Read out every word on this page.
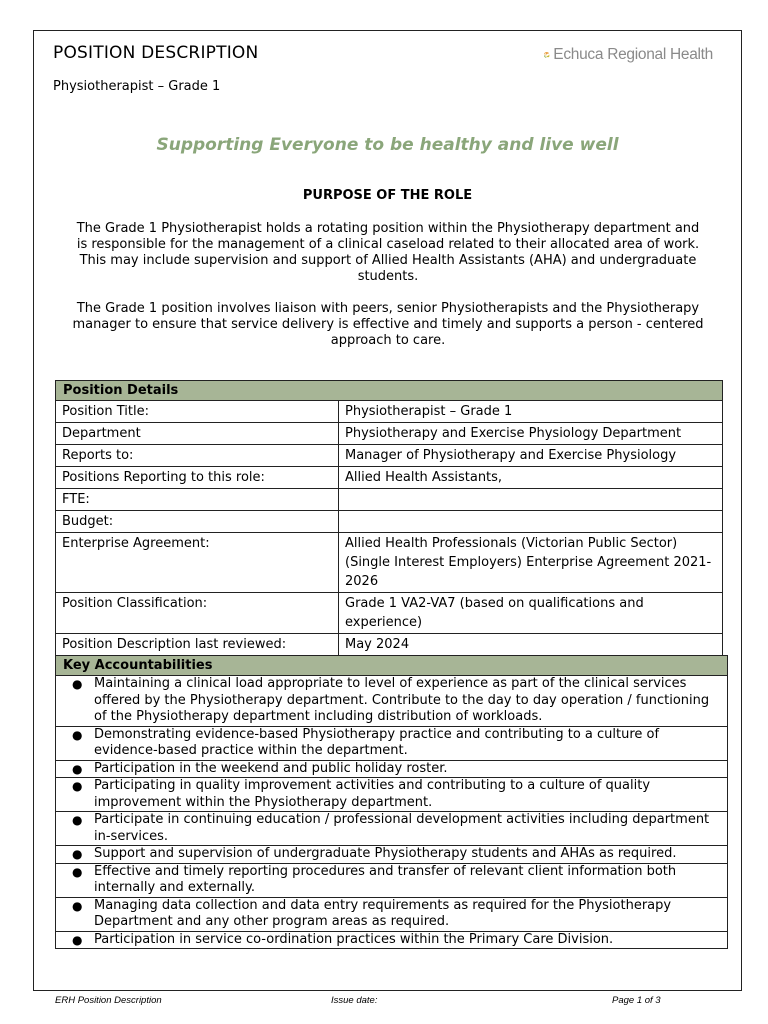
POSITION DESCRIPTION
Physiotherapist – Grade 1
Echuca Regional Health
Supporting Everyone to be healthy and live well
PURPOSE OF THE ROLE
The Grade 1 Physiotherapist holds a rotating position within the Physiotherapy department and is responsible for the management of a clinical caseload related to their allocated area of work. This may include supervision and support of Allied Health Assistants (AHA) and undergraduate students.
The Grade 1 position involves liaison with peers, senior Physiotherapists and the Physiotherapy manager to ensure that service delivery is effective and timely and supports a person - centered approach to care.
Position Details	
Position Title:	Physiotherapist – Grade 1
Department	Physiotherapy and Exercise Physiology Department
Reports to:	Manager of Physiotherapy and Exercise Physiology
Positions Reporting to this role:	Allied Health Assistants,
FTE:	
Budget:	
Enterprise Agreement:	Allied Health Professionals (Victorian Public Sector) (Single Interest Employers) Enterprise Agreement 2021-2026
Position Classification:	Grade 1 VA2-VA7 (based on qualifications and experience)
Position Description last reviewed:	May 2024
Key Accountabilities

● Maintaining a clinical load appropriate to level of experience as part of the clinical services offered by the Physiotherapy department. Contribute to the day to day operation / functioning of the Physiotherapy department including distribution of workloads.

● Demonstrating evidence-based Physiotherapy practice and contributing to a culture of evidence-based practice within the department.

● Participation in the weekend and public holiday roster.

● Participating in quality improvement activities and contributing to a culture of quality improvement within the Physiotherapy department.

● Participate in continuing education / professional development activities including department in-services.

● Support and supervision of undergraduate Physiotherapy students and AHAs as required.

● Effective and timely reporting procedures and transfer of relevant client information both internally and externally.

● Managing data collection and data entry requirements as required for the Physiotherapy Department and any other program areas as required.

● Participation in service co-ordination practices within the Primary Care Division.
ERH Position Description	Issue date:	Page 1 of 3
